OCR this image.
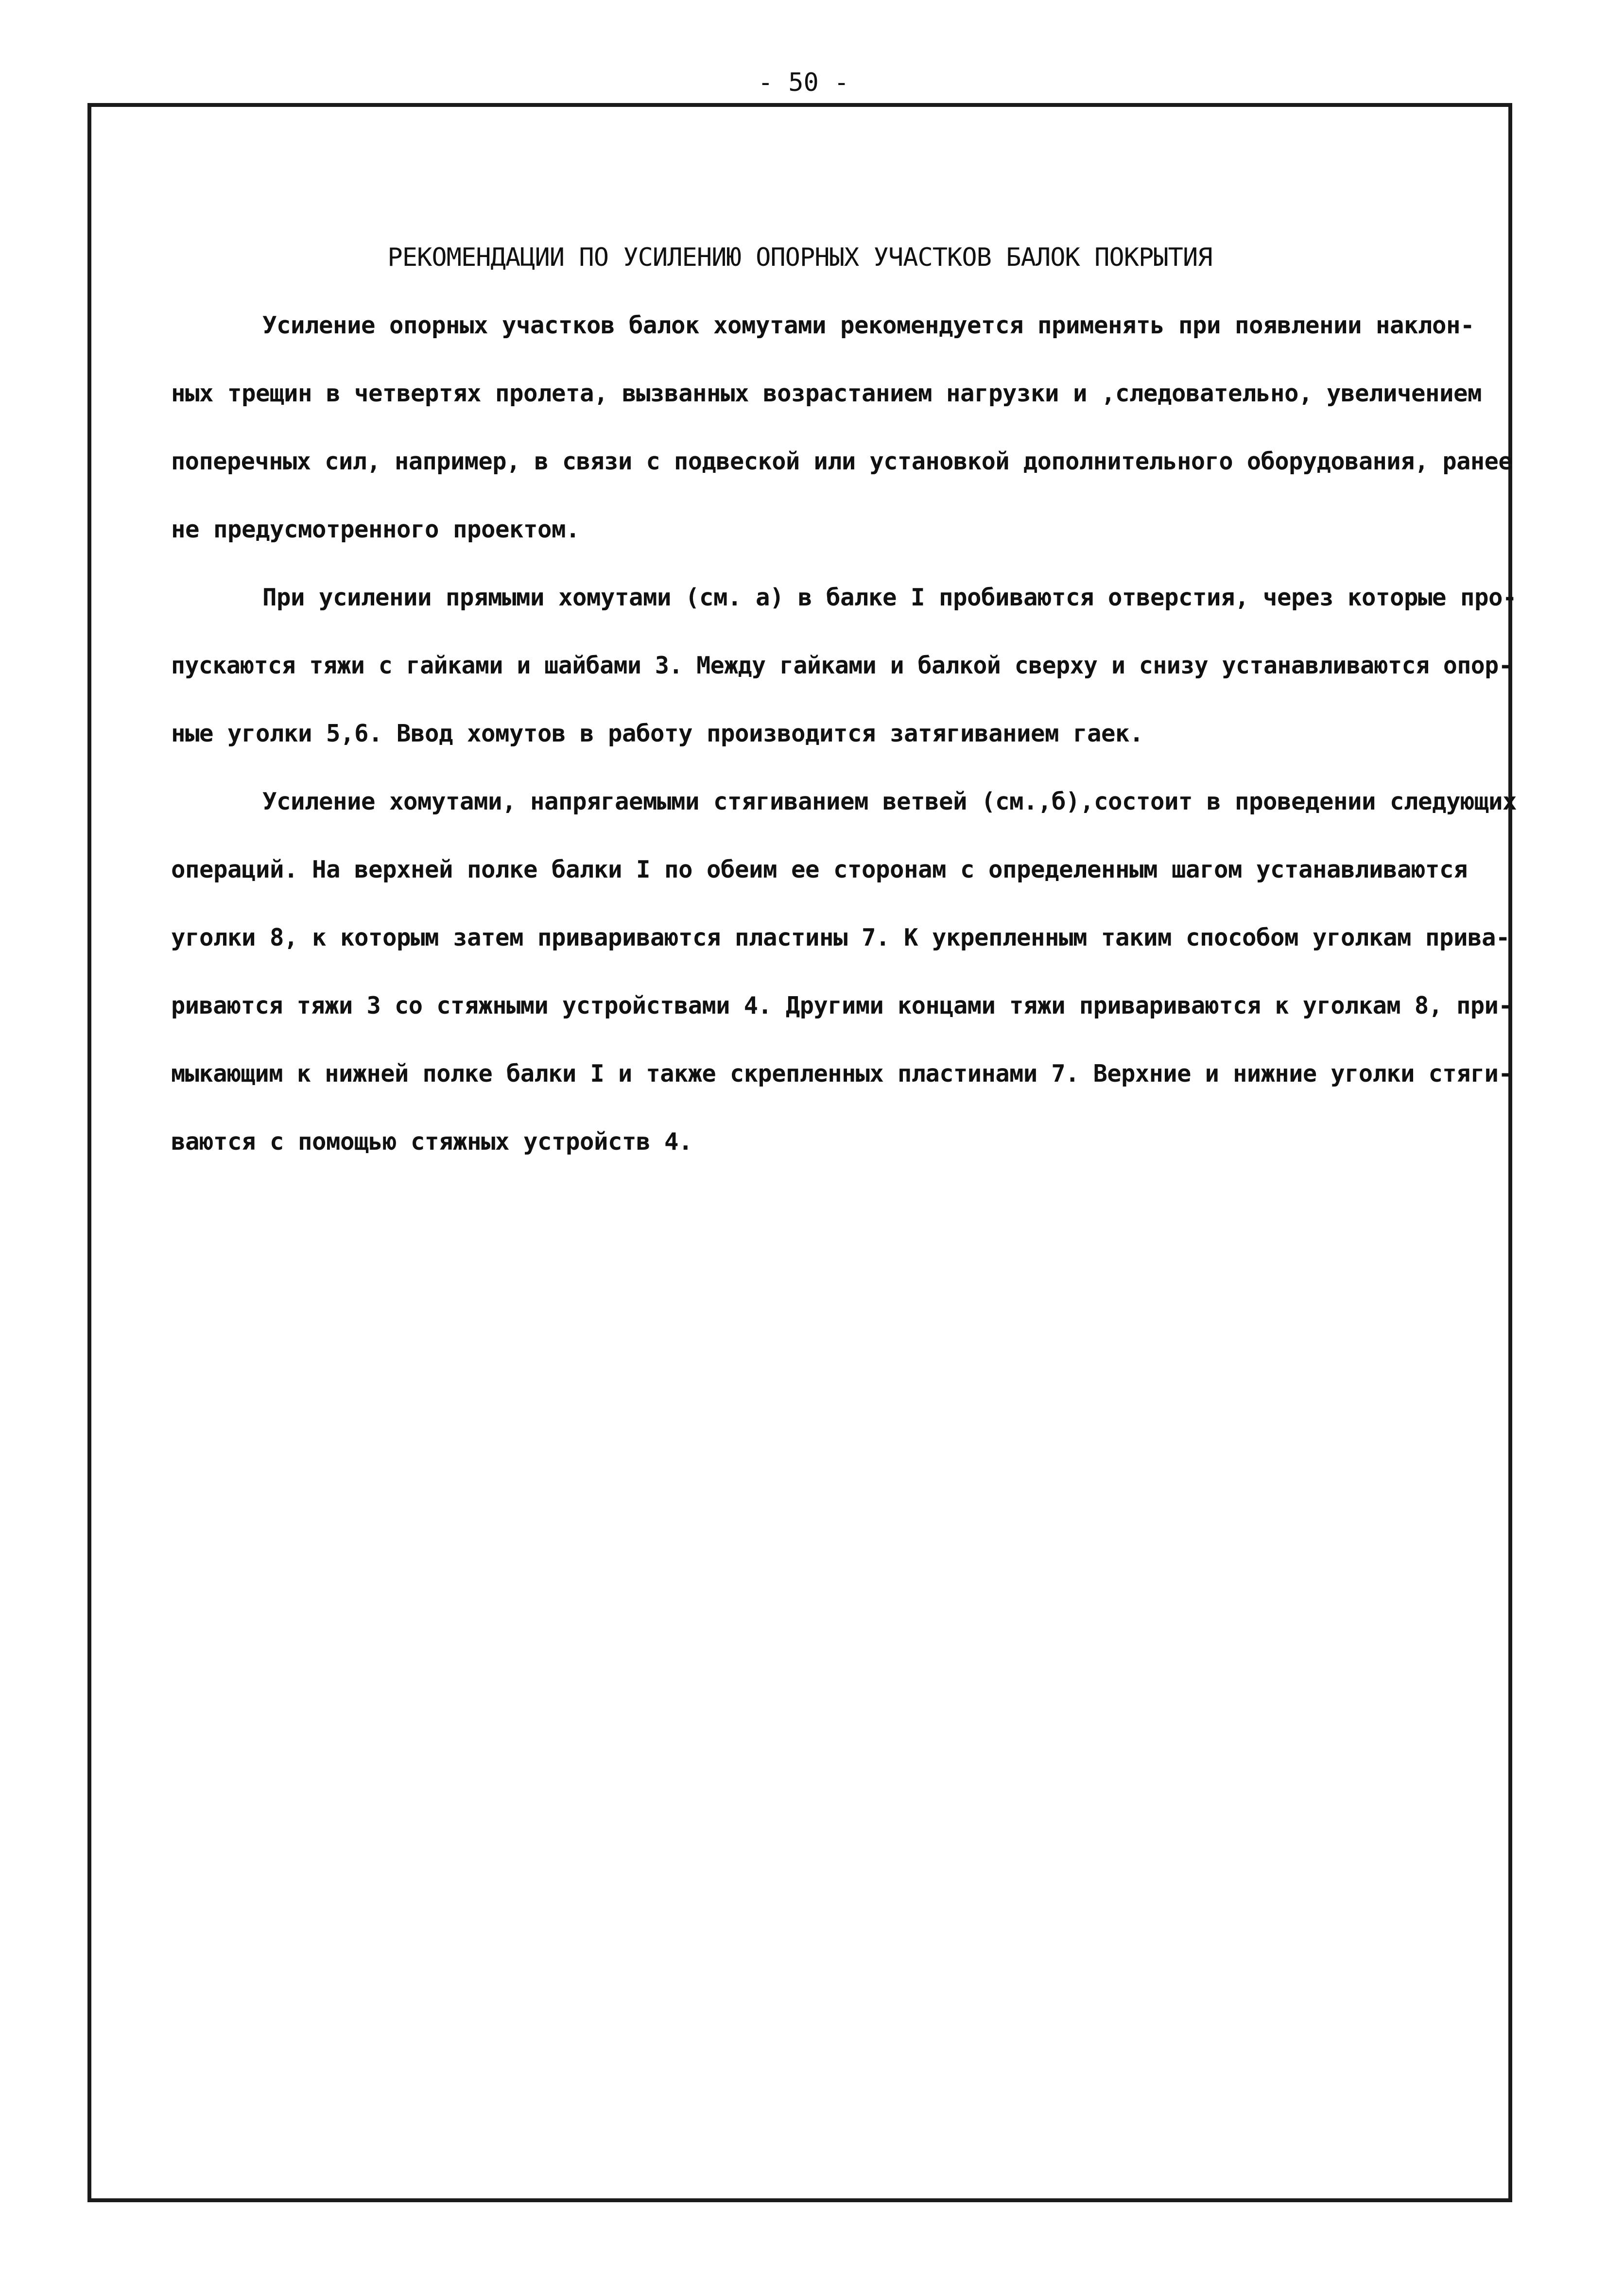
- 50 -
РЕКОМЕНДАЦИИ ПО УСИЛЕНИЮ ОПОРНЫХ УЧАСТКОВ БАЛОК ПОКРЫТИЯ
Усиление опорных участков балок хомутами рекомендуется применять при появлении наклон-
ных трещин в четвертях пролета, вызванных возрастанием нагрузки и ,следовательно, увеличением
поперечных сил, например, в связи с подвеской или установкой дополнительного оборудования, ранее
не предусмотренного проектом.
При усилении прямыми хомутами (см. а) в балке I пробиваются отверстия, через которые про-
пускаются тяжи с гайками и шайбами 3. Между гайками и балкой сверху и снизу устанавливаются опор-
ные уголки 5,6. Ввод хомутов в работу производится затягиванием гаек.
Усиление хомутами, напрягаемыми стягиванием ветвей (см.,б),состоит в проведении следующих
операций. На верхней полке балки I по обеим ее сторонам с определенным шагом устанавливаются
уголки 8, к которым затем привариваются пластины 7. К укрепленным таким способом уголкам прива-
риваются тяжи 3 со стяжными устройствами 4. Другими концами тяжи привариваются к уголкам 8, при-
мыкающим к нижней полке балки I и также скрепленных пластинами 7. Верхние и нижние уголки стяги-
ваются с помощью стяжных устройств 4.
